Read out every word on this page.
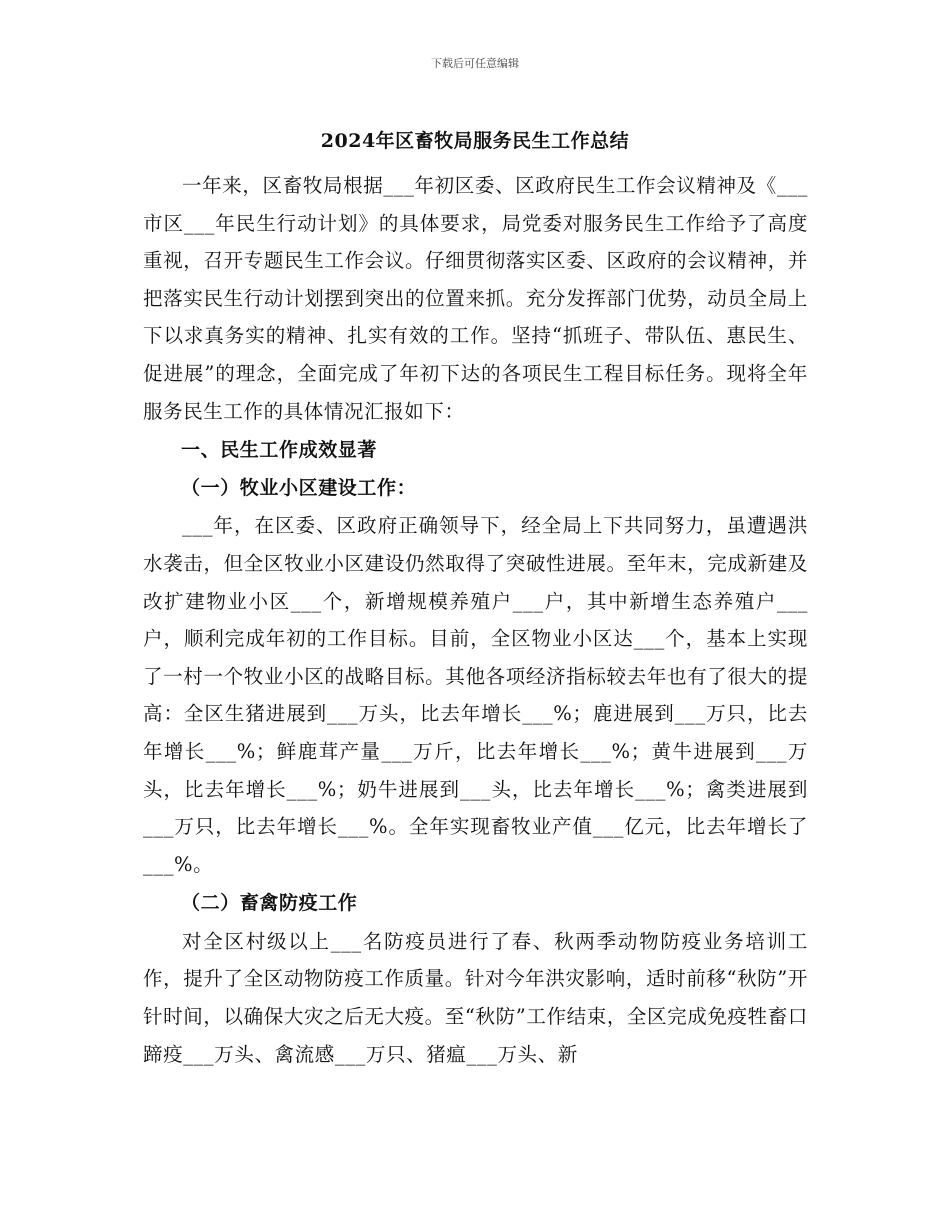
下载后可任意编辑
2024年区畜牧局服务民生工作总结

一年来，区畜牧局根据___年初区委、区政府民生工作会议精神及《___市区___年民生行动计划》的具体要求，局党委对服务民生工作给予了高度重视，召开专题民生工作会议。仔细贯彻落实区委、区政府的会议精神，并把落实民生行动计划摆到突出的位置来抓。充分发挥部门优势，动员全局上下以求真务实的精神、扎实有效的工作。坚持“抓班子、带队伍、惠民生、促进展”的理念，全面完成了年初下达的各项民生工程目标任务。现将全年服务民生工作的具体情况汇报如下：

一、民生工作成效显著

（一）牧业小区建设工作：

___年，在区委、区政府正确领导下，经全局上下共同努力，虽遭遇洪水袭击，但全区牧业小区建设仍然取得了突破性进展。至年末，完成新建及改扩建物业小区___个，新增规模养殖户___户，其中新增生态养殖户___户，顺利完成年初的工作目标。目前，全区物业小区达___个，基本上实现了一村一个牧业小区的战略目标。其他各项经济指标较去年也有了很大的提高：全区生猪进展到___万头，比去年增长___%；鹿进展到___万只，比去年增长___%；鲜鹿茸产量___万斤，比去年增长___%；黄牛进展到___万头，比去年增长___%；奶牛进展到___头，比去年增长___%；禽类进展到___万只，比去年增长___%。全年实现畜牧业产值___亿元，比去年增长了___%。

（二）畜禽防疫工作

对全区村级以上___名防疫员进行了春、秋两季动物防疫业务培训工作，提升了全区动物防疫工作质量。针对今年洪灾影响，适时前移“秋防”开针时间，以确保大灾之后无大疫。至“秋防”工作结束，全区完成免疫牲畜口蹄疫___万头、禽流感___万只、猪瘟___万头、新
